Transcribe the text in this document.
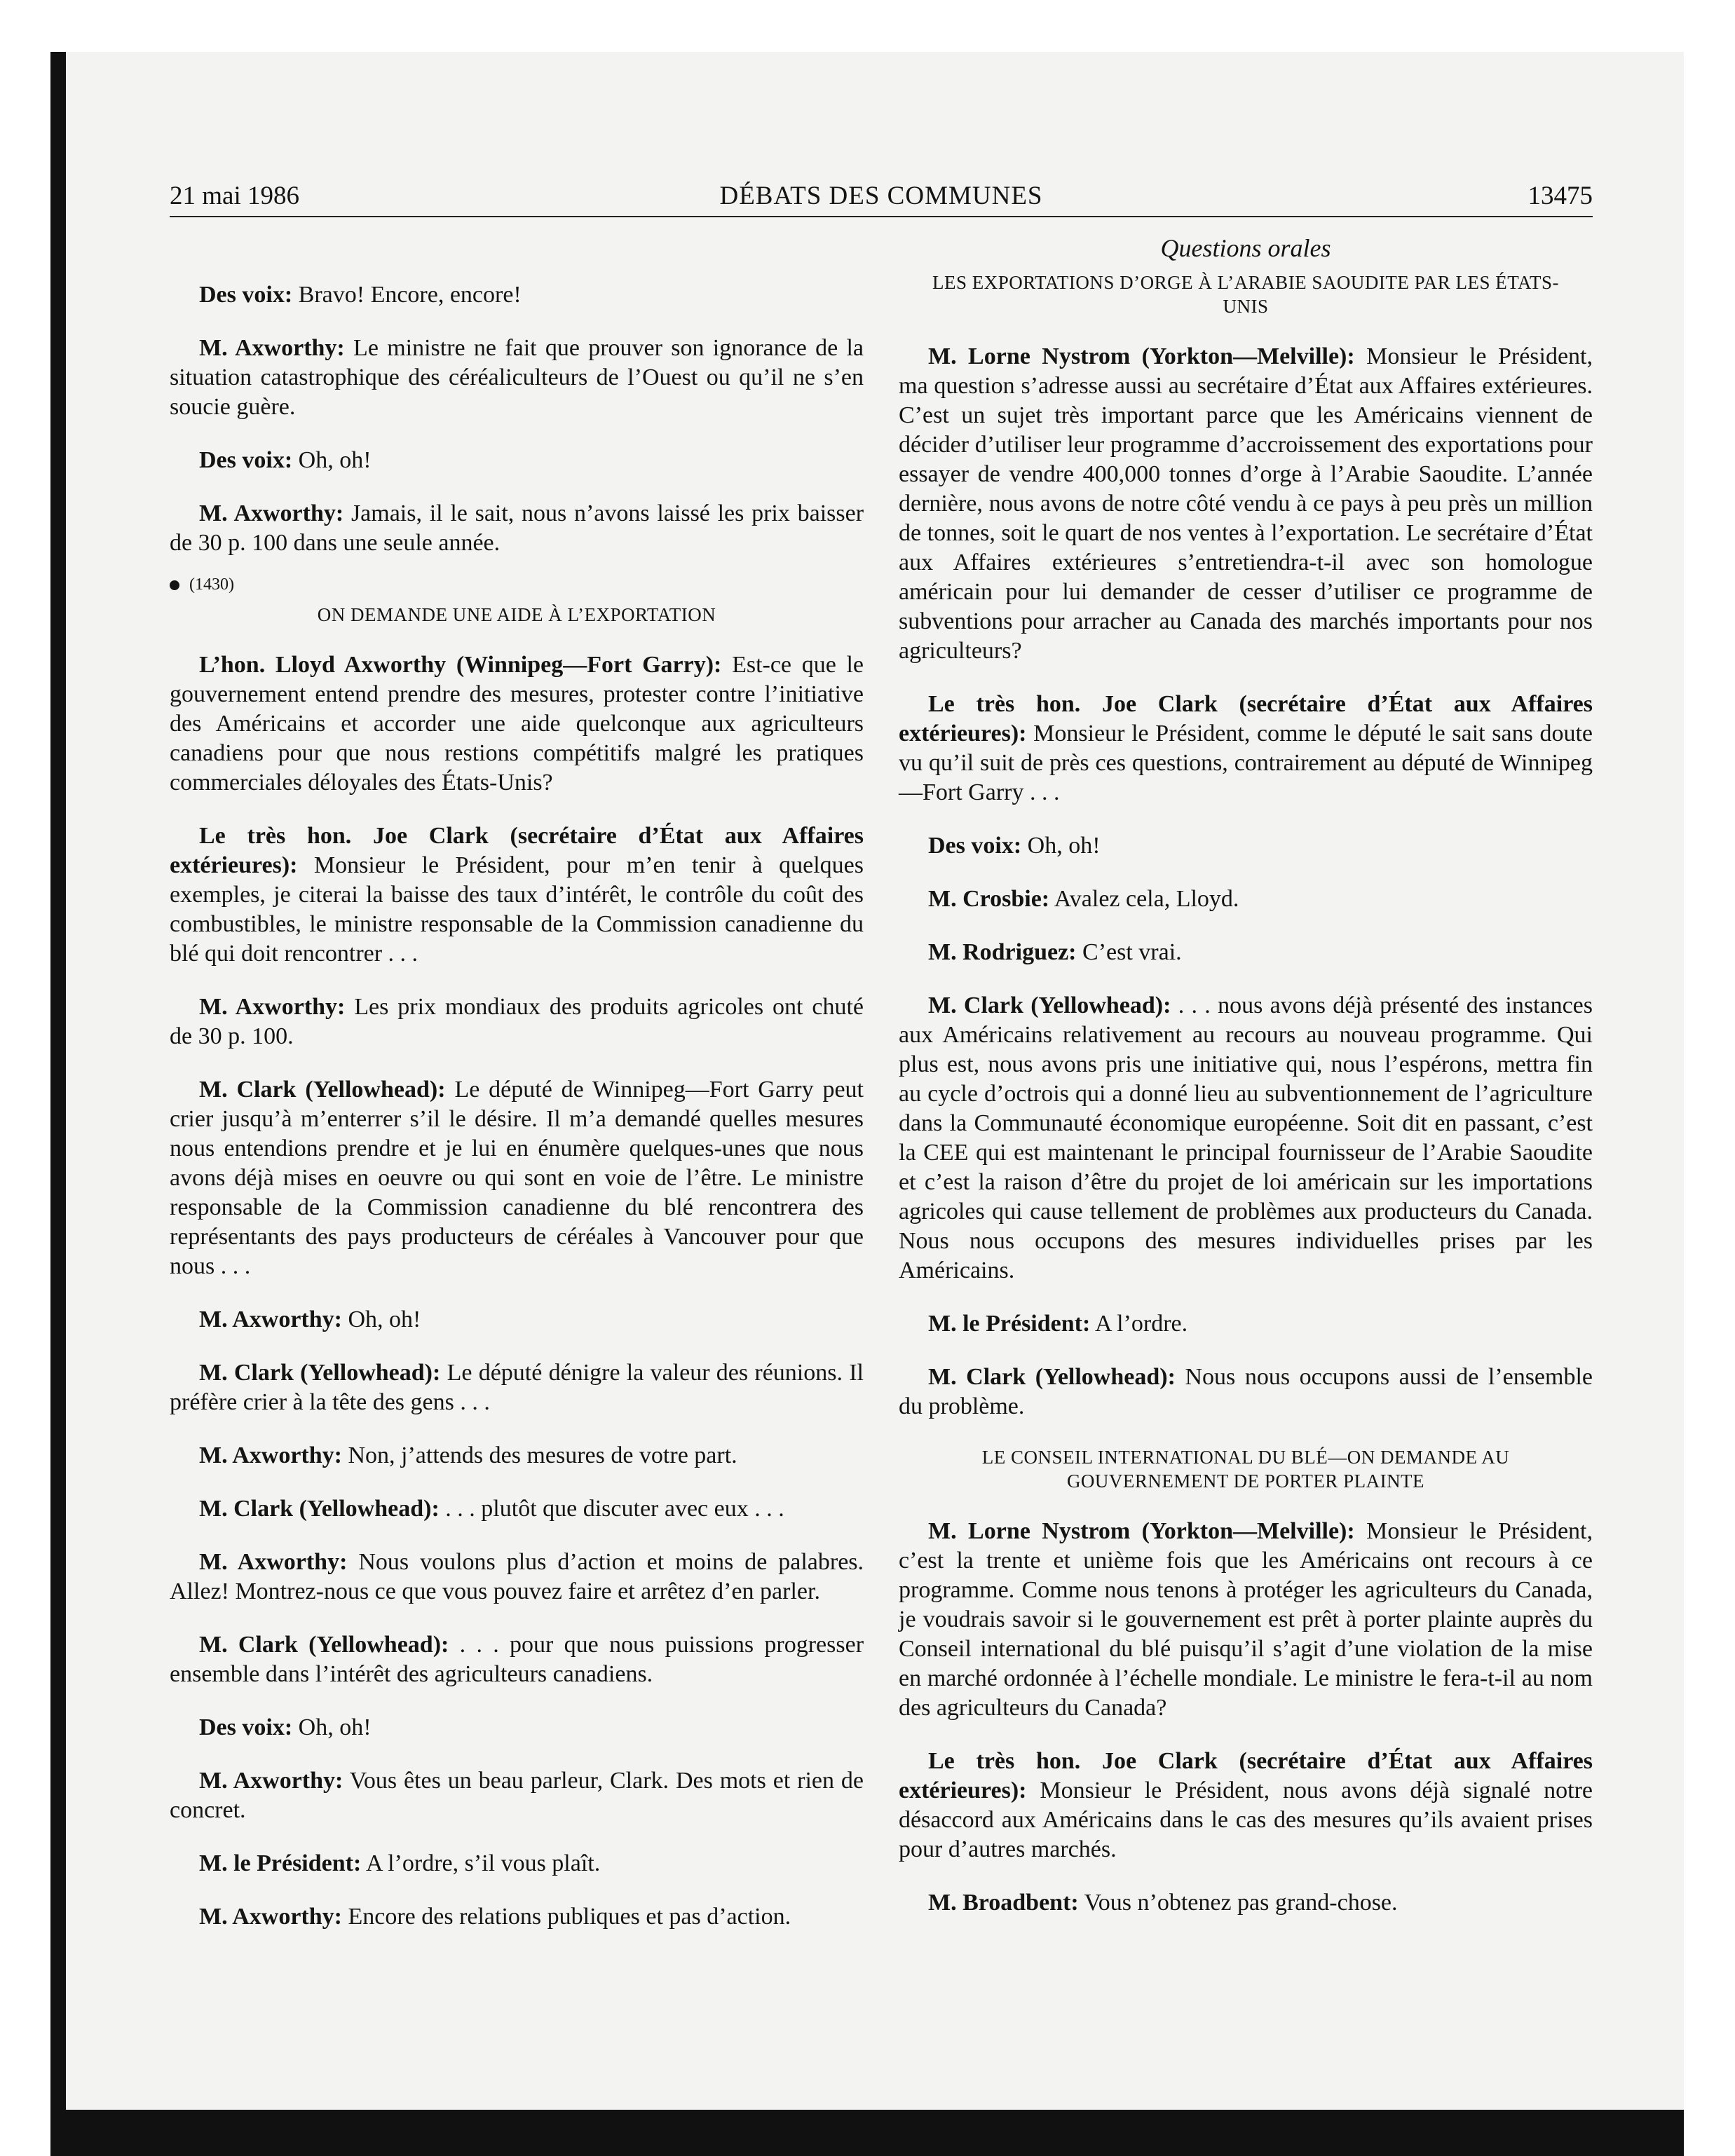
21 mai 1986	DÉBATS DES COMMUNES	13475

Des voix: Bravo! Encore, encore!

M. Axworthy: Le ministre ne fait que prouver son ignorance de la situation catastrophique des céréaliculteurs de l’Ouest ou qu’il ne s’en soucie guère.

Des voix: Oh, oh!

M. Axworthy: Jamais, il le sait, nous n’avons laissé les prix baisser de 30 p. 100 dans une seule année.

(1430)

ON DEMANDE UNE AIDE À L’EXPORTATION

L’hon. Lloyd Axworthy (Winnipeg—Fort Garry): Est-ce que le gouvernement entend prendre des mesures, protester contre l’initiative des Américains et accorder une aide quelconque aux agriculteurs canadiens pour que nous restions compétitifs malgré les pratiques commerciales déloyales des États-Unis?

Le très hon. Joe Clark (secrétaire d’État aux Affaires extérieures): Monsieur le Président, pour m’en tenir à quelques exemples, je citerai la baisse des taux d’intérêt, le contrôle du coût des combustibles, le ministre responsable de la Commission canadienne du blé qui doit rencontrer . . .

M. Axworthy: Les prix mondiaux des produits agricoles ont chuté de 30 p. 100.

M. Clark (Yellowhead): Le député de Winnipeg—Fort Garry peut crier jusqu’à m’enterrer s’il le désire. Il m’a demandé quelles mesures nous entendions prendre et je lui en énumère quelques-unes que nous avons déjà mises en oeuvre ou qui sont en voie de l’être. Le ministre responsable de la Commission canadienne du blé rencontrera des représentants des pays producteurs de céréales à Vancouver pour que nous . . .

M. Axworthy: Oh, oh!

M. Clark (Yellowhead): Le député dénigre la valeur des réunions. Il préfère crier à la tête des gens . . .

M. Axworthy: Non, j’attends des mesures de votre part.

M. Clark (Yellowhead): . . . plutôt que discuter avec eux . . .

M. Axworthy: Nous voulons plus d’action et moins de palabres. Allez! Montrez-nous ce que vous pouvez faire et arrêtez d’en parler.

M. Clark (Yellowhead): . . . pour que nous puissions progresser ensemble dans l’intérêt des agriculteurs canadiens.

Des voix: Oh, oh!

M. Axworthy: Vous êtes un beau parleur, Clark. Des mots et rien de concret.

M. le Président: A l’ordre, s’il vous plaît.

M. Axworthy: Encore des relations publiques et pas d’action.

Questions orales

LES EXPORTATIONS D’ORGE À L’ARABIE SAOUDITE PAR LES ÉTATS-UNIS

M. Lorne Nystrom (Yorkton—Melville): Monsieur le Président, ma question s’adresse aussi au secrétaire d’État aux Affaires extérieures. C’est un sujet très important parce que les Américains viennent de décider d’utiliser leur programme d’accroissement des exportations pour essayer de vendre 400,000 tonnes d’orge à l’Arabie Saoudite. L’année dernière, nous avons de notre côté vendu à ce pays à peu près un million de tonnes, soit le quart de nos ventes à l’exportation. Le secrétaire d’État aux Affaires extérieures s’entretiendra-t-il avec son homologue américain pour lui demander de cesser d’utiliser ce programme de subventions pour arracher au Canada des marchés importants pour nos agriculteurs?

Le très hon. Joe Clark (secrétaire d’État aux Affaires extérieures): Monsieur le Président, comme le député le sait sans doute vu qu’il suit de près ces questions, contrairement au député de Winnipeg—Fort Garry . . .

Des voix: Oh, oh!

M. Crosbie: Avalez cela, Lloyd.

M. Rodriguez: C’est vrai.

M. Clark (Yellowhead): . . . nous avons déjà présenté des instances aux Américains relativement au recours au nouveau programme. Qui plus est, nous avons pris une initiative qui, nous l’espérons, mettra fin au cycle d’octrois qui a donné lieu au subventionnement de l’agriculture dans la Communauté économique européenne. Soit dit en passant, c’est la CEE qui est maintenant le principal fournisseur de l’Arabie Saoudite et c’est la raison d’être du projet de loi américain sur les importations agricoles qui cause tellement de problèmes aux producteurs du Canada. Nous nous occupons des mesures individuelles prises par les Américains.

M. le Président: A l’ordre.

M. Clark (Yellowhead): Nous nous occupons aussi de l’ensemble du problème.

LE CONSEIL INTERNATIONAL DU BLÉ—ON DEMANDE AU GOUVERNEMENT DE PORTER PLAINTE

M. Lorne Nystrom (Yorkton—Melville): Monsieur le Président, c’est la trente et unième fois que les Américains ont recours à ce programme. Comme nous tenons à protéger les agriculteurs du Canada, je voudrais savoir si le gouvernement est prêt à porter plainte auprès du Conseil international du blé puisqu’il s’agit d’une violation de la mise en marché ordonnée à l’échelle mondiale. Le ministre le fera-t-il au nom des agriculteurs du Canada?

Le très hon. Joe Clark (secrétaire d’État aux Affaires extérieures): Monsieur le Président, nous avons déjà signalé notre désaccord aux Américains dans le cas des mesures qu’ils avaient prises pour d’autres marchés.

M. Broadbent: Vous n’obtenez pas grand-chose.
